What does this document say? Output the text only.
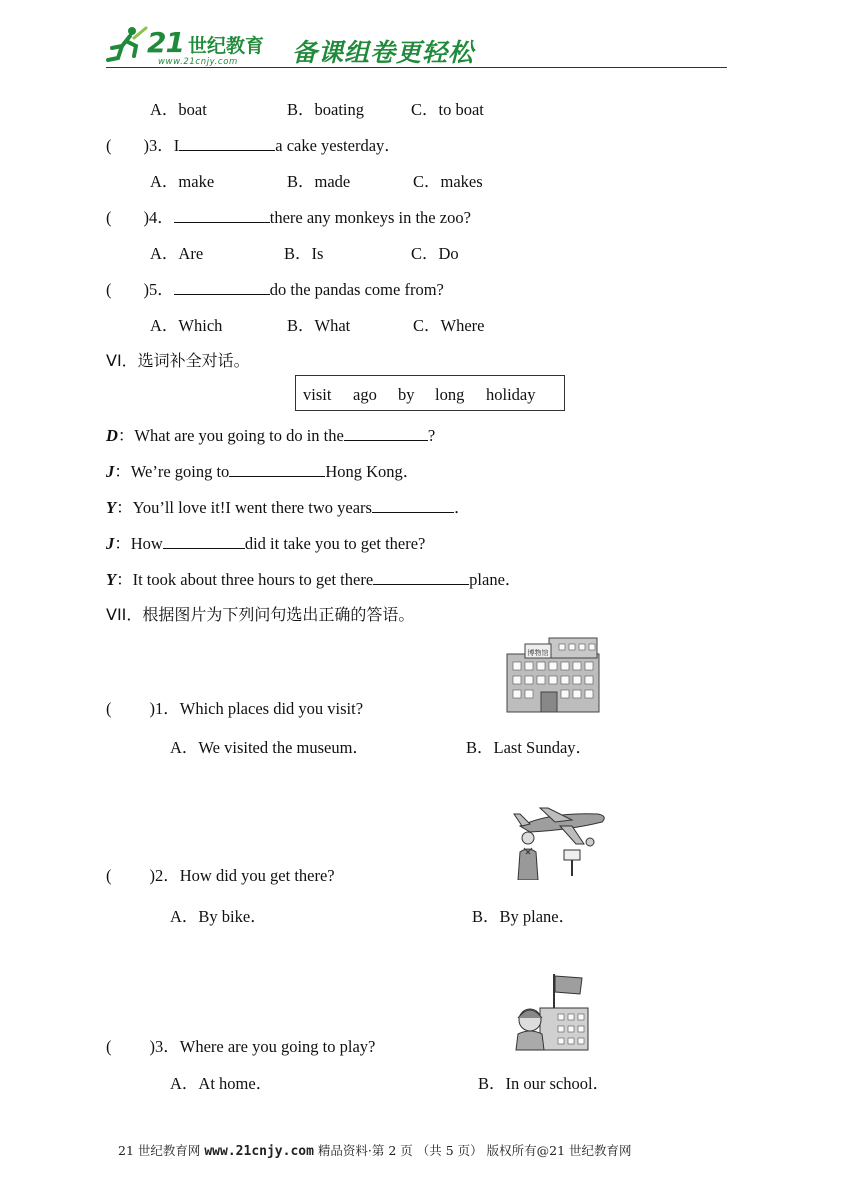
21 世纪教育
www.21cnjy.com 备课组卷更轻松
A．boat	B．boating	C．to boat
( )3．I	a cake yesterday．
A．make	B．made	C．makes
( )4．	there any monkeys in the zoo?
A．Are	B．Is	C．Do
( )5．	do the pandas come from?
A．Which	B．What	C．Where
VI．选词补全对话。
visit ago by long holiday
D：What are you going to do in the	?
J：We’re going to	Hong Kong．
Y：You’ll love it!I went there two years	．
J：How	did it take you to get there?
Y：It took about three hours to get there	plane．
VII．根据图片为下列问句选出正确的答语。
博物馆
( )1．Which places did you visit?
A．We visited the museum．	B．Last Sunday．
( )2．How did you get there?
A．By bike．	B．By plane．
( )3．Where are you going to play?
A．At home．	B．In our school．
21 世纪教育网 www.21cnjy.com 精品资料·第 2 页 （共 5 页） 版权所有@21 世纪教育网
